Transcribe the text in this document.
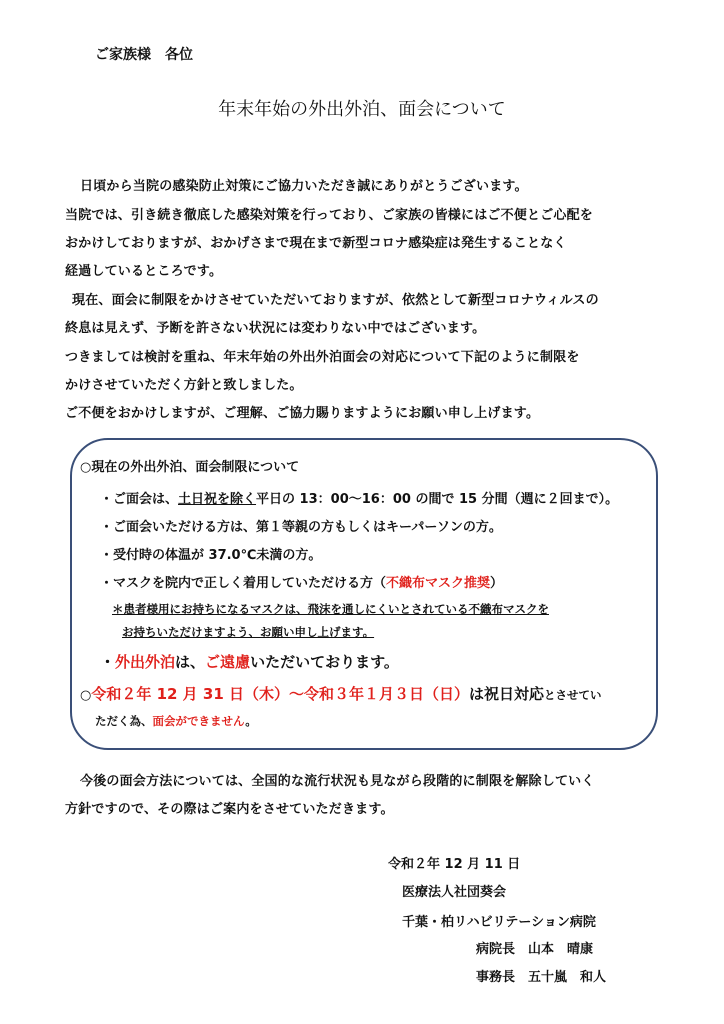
ご家族様　各位
年末年始の外出外泊、面会について
日頃から当院の感染防止対策にご協力いただき誠にありがとうございます。
当院では、引き続き徹底した感染対策を行っており、ご家族の皆様にはご不便とご心配を
おかけしておりますが、おかげさまで現在まで新型コロナ感染症は発生することなく
経過しているところです。
現在、面会に制限をかけさせていただいておりますが、依然として新型コロナウィルスの
終息は見えず、予断を許さない状況には変わりない中ではございます。
つきましては検討を重ね、年末年始の外出外泊面会の対応について下記のように制限を
かけさせていただく方針と致しました。
ご不便をおかけしますが、ご理解、ご協力賜りますようにお願い申し上げます。
○現在の外出外泊、面会制限について
・ご面会は、土日祝を除く平日の 13：00～16：00 の間で 15 分間（週に２回まで）。
・ご面会いただける方は、第１等親の方もしくはキーパーソンの方。
・受付時の体温が 37.0℃未満の方。
・マスクを院内で正しく着用していただける方（不織布マスク推奨）
＊患者様用にお持ちになるマスクは、飛沫を通しにくいとされている不織布マスクを
お持ちいただけますよう、お願い申し上げます。
・外出外泊は、ご遠慮いただいております。
○令和２年 12 月 31 日（木）～令和３年１月３日（日）は祝日対応とさせてい
ただく為、面会ができません。
今後の面会方法については、全国的な流行状況も見ながら段階的に制限を解除していく
方針ですので、その際はご案内をさせていただきます。
令和２年 12 月 11 日
医療法人社団葵会
千葉・柏リハビリテーション病院
病院長　山本　晴康
事務長　五十嵐　和人
